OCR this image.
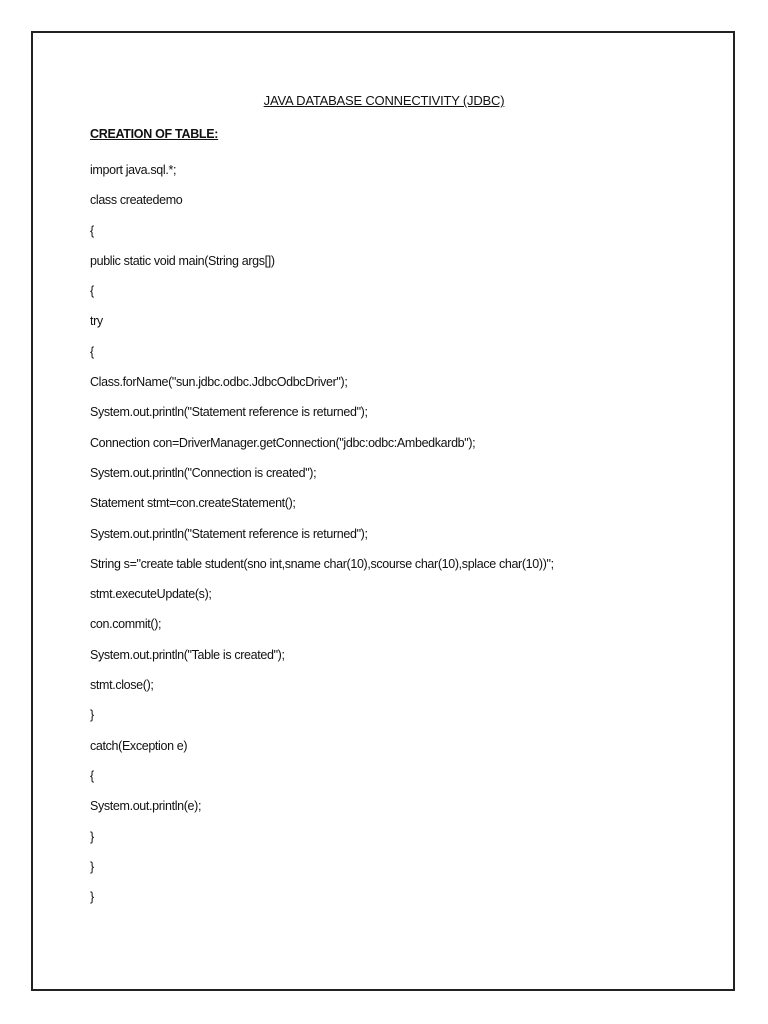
JAVA DATABASE CONNECTIVITY (JDBC)
CREATION OF TABLE:
import java.sql.*;
class createdemo
{
public static void main(String args[])
{
try
{
Class.forName("sun.jdbc.odbc.JdbcOdbcDriver");
System.out.println("Statement reference is returned");
Connection con=DriverManager.getConnection("jdbc:odbc:Ambedkardb");
System.out.println("Connection is created");
Statement stmt=con.createStatement();
System.out.println("Statement reference is returned");
String s="create table student(sno int,sname char(10),scourse char(10),splace char(10))";
stmt.executeUpdate(s);
con.commit();
System.out.println("Table is created");
stmt.close();
}
catch(Exception e)
{
System.out.println(e);
}
}
}
